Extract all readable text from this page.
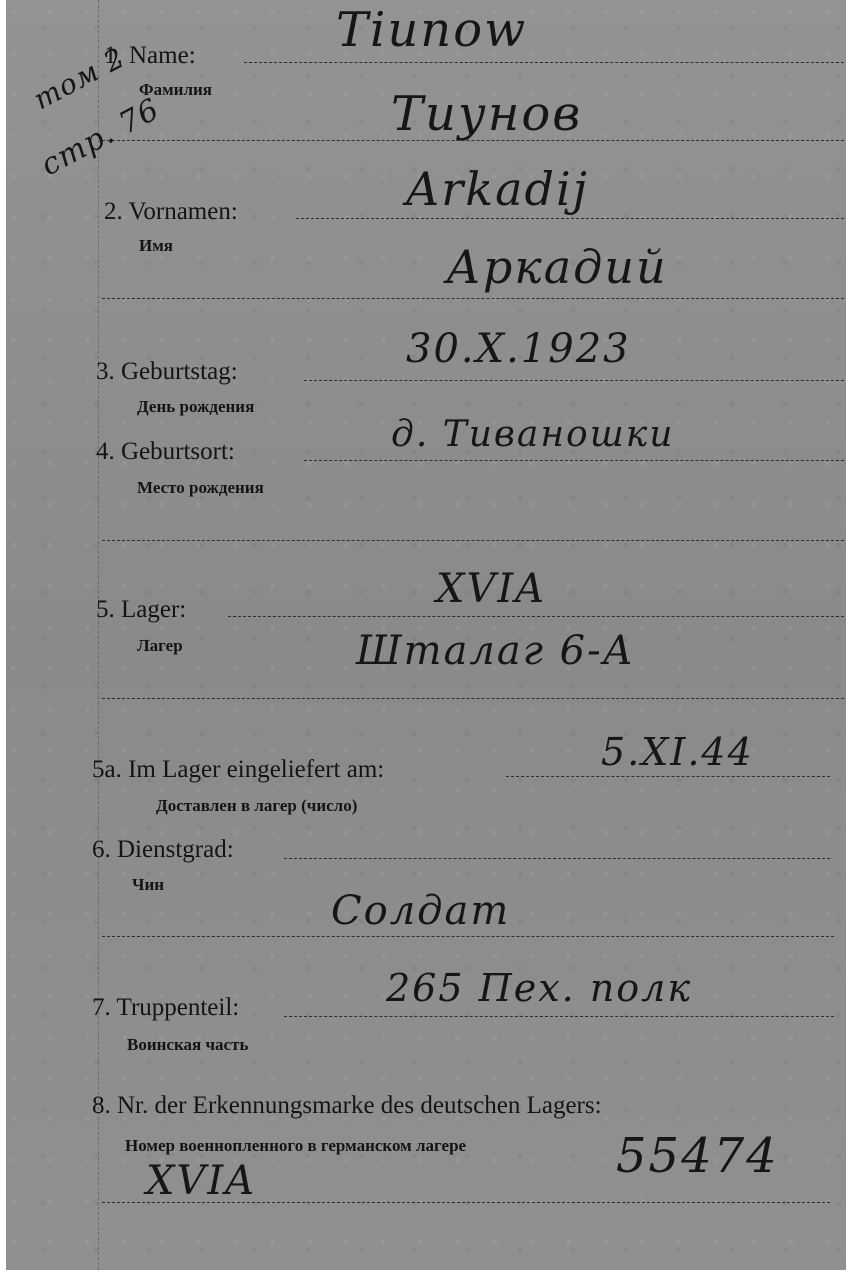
том 2
стр. 76
1. Name:
Фамилия
Tiunow
Тиунов
2. Vornamen:
Имя
Arkadij
Аркадий
3. Geburtstag:
День рождения
30.X.1923
4. Geburtsort:
Место рождения
д. Тиваношки
5. Lager:
Лагер
XVIA
Шталаг 6-А
5a. Im Lager eingeliefert am:
Доставлен в лагер (число)
5.XI.44
6. Dienstgrad:
Чин
Солдат
7. Truppenteil:
Воинская часть
265 Пех. полк
8. Nr. der Erkennungsmarke des deutschen Lagers:
Номер военнопленного в германском лагере
XVIA	55474
